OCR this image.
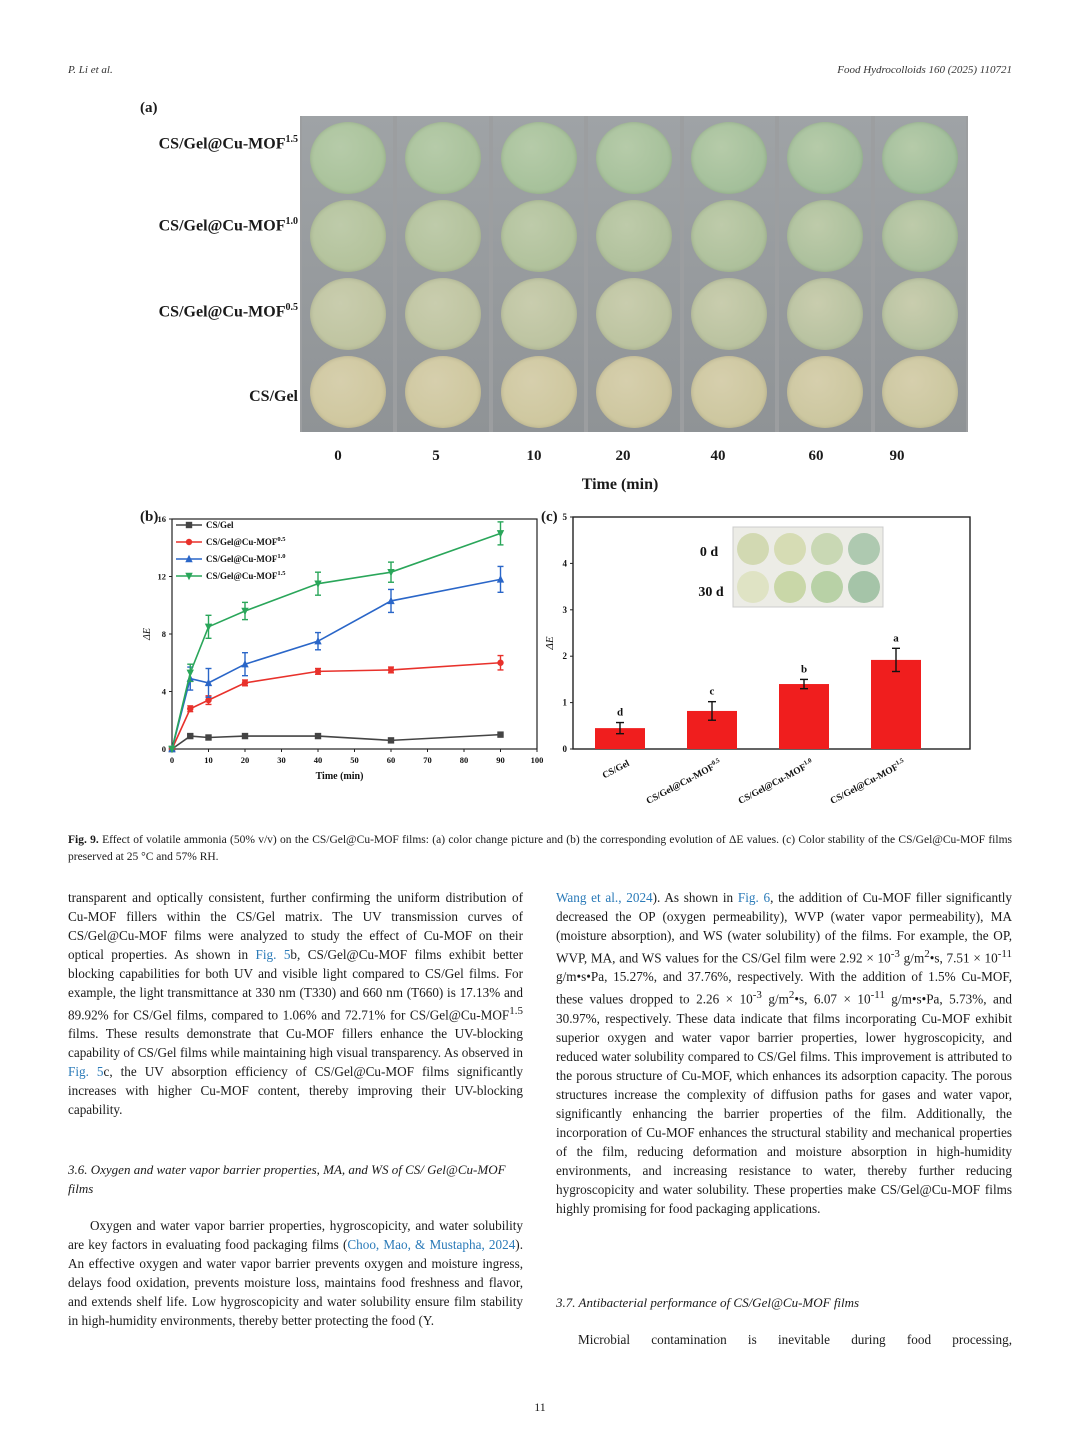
P. Li et al.	Food Hydrocolloids 160 (2025) 110721
(a)
$CS/Gel@Cu-MOF^{1.5}$
$CS/Gel@Cu-MOF^{1.0}$
$CS/Gel@Cu-MOF^{0.5}$
CS/Gel
0	5	10	20	40	60	90
Time (min)
0	10	20	30	40	50	60	70	80	90	100
0
4
8
12
16
Time (min)
ΔE
CS/Gel
$CS/Gel@Cu-MOF^{0.5}$
$CS/Gel@Cu-MOF^{1.0}$
$CS/Gel@Cu-MOF^{1.5}$
0
1
2
3
4
5
ΔE
d
CS/Gel
c
$CS/Gel@Cu-MOF^{0.5}$
b
$CS/Gel@Cu-MOF^{1.0}$
a
$CS/Gel@Cu-MOF^{1.5}$
0 d
30 d
Fig. 9. Effect of volatile ammonia (50% v/v) on the CS/Gel@Cu-MOF films: (a) color change picture and (b) the corresponding evolution of ΔE values. (c) Color stability of the CS/Gel@Cu-MOF films preserved at 25 °C and 57% RH.

transparent and optically consistent, further confirming the uniform distribution of Cu-MOF fillers within the CS/Gel matrix. The UV transmission curves of CS/Gel@Cu-MOF films were analyzed to study the effect of Cu-MOF on their optical properties. As shown in Fig. 5b, CS/Gel@Cu-MOF films exhibit better blocking capabilities for both UV and visible light compared to CS/Gel films. For example, the light transmittance at 330 nm (T330) and 660 nm (T660) is 17.13% and 89.92% for CS/Gel films, compared to 1.06% and 72.71% for $CS/Gel@Cu-MOF^{1.5}$ films. These results demonstrate that Cu-MOF fillers enhance the UV-blocking capability of CS/Gel films while maintaining high visual transparency. As observed in Fig. 5c, the UV absorption efficiency of CS/Gel@Cu-MOF films significantly increases with higher Cu-MOF content, thereby improving their UV-blocking capability.

3.6. Oxygen and water vapor barrier properties, MA, and WS of CS/ Gel@Cu-MOF films

Oxygen and water vapor barrier properties, hygroscopicity, and water solubility are key factors in evaluating food packaging films (Choo, Mao, & Mustapha, 2024). An effective oxygen and water vapor barrier prevents oxygen and moisture ingress, delays food oxidation, prevents moisture loss, maintains food freshness and flavor, and extends shelf life. Low hygroscopicity and water solubility ensure film stability in high-humidity environments, thereby better protecting the food (Y.

Wang et al., 2024). As shown in Fig. 6, the addition of Cu-MOF filler significantly decreased the OP (oxygen permeability), WVP (water vapor permeability), MA (moisture absorption), and WS (water solubility) of the films. For example, the OP, WVP, MA, and WS values for the CS/Gel film were $2.92 \times 10^{-3}$ $g/m^2•s$, $7.51 \times 10^{-11}$ g/m•s•Pa, 15.27%, and 37.76%, respectively. With the addition of 1.5% Cu-MOF, these values dropped to $2.26 \times 10^{-3}$ $g/m^2•s$, $6.07 \times 10^{-11}$ g/m•s•Pa, 5.73%, and 30.97%, respectively. These data indicate that films incorporating Cu-MOF exhibit superior oxygen and water vapor barrier properties, lower hygroscopicity, and reduced water solubility compared to CS/Gel films. This improvement is attributed to the porous structure of Cu-MOF, which enhances its adsorption capacity. The porous structures increase the complexity of diffusion paths for gases and water vapor, significantly enhancing the barrier properties of the film. Additionally, the incorporation of Cu-MOF enhances the structural stability and mechanical properties of the film, reducing deformation and moisture absorption in high-humidity environments, and increasing resistance to water, thereby further reducing hygroscopicity and water solubility. These properties make CS/Gel@Cu-MOF films highly promising for food packaging applications.

3.7. Antibacterial performance of CS/Gel@Cu-MOF films

Microbial contamination is inevitable during food processing,

11
(b)	(c)
